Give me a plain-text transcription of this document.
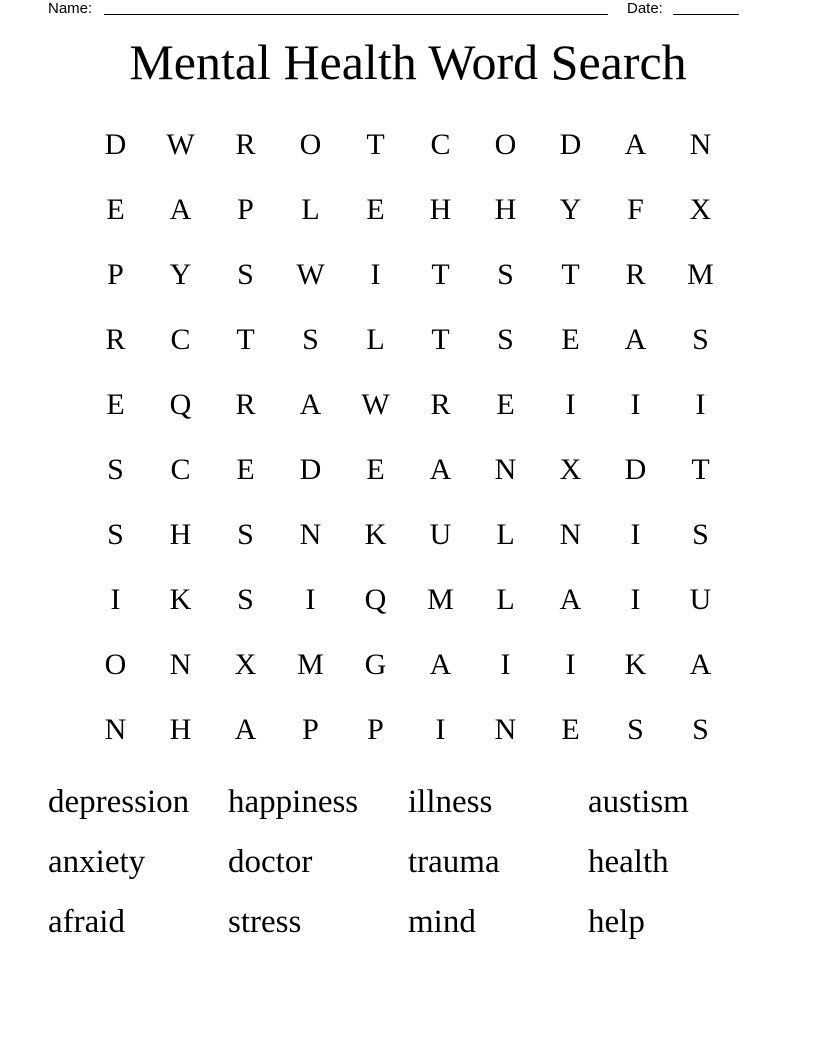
Name:	Date:
Mental Health Word Search
D	W	R	O	T	C	O	D	A	N
E	A	P	L	E	H	H	Y	F	X
P	Y	S	W	I	T	S	T	R	M
R	C	T	S	L	T	S	E	A	S
E	Q	R	A	W	R	E	I	I	I
S	C	E	D	E	A	N	X	D	T
S	H	S	N	K	U	L	N	I	S
I	K	S	I	Q	M	L	A	I	U
O	N	X	M	G	A	I	I	K	A
N	H	A	P	P	I	N	E	S	S
depression	happiness	illness	austism
anxiety	doctor	trauma	health
afraid	stress	mind	help
